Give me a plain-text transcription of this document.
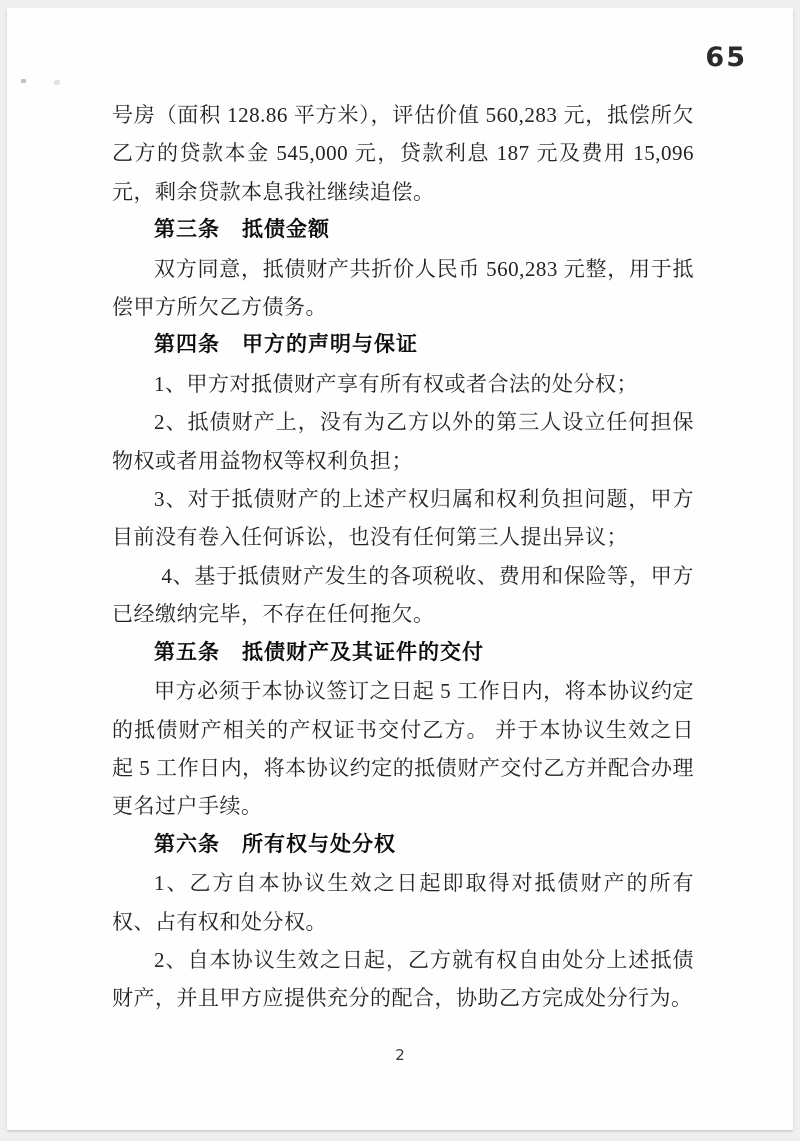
65

号房（面积 128.86 平方米），评估价值 560,283 元，抵偿所欠乙方的贷款本金 545,000 元，贷款利息 187 元及费用 15,096 元，剩余贷款本息我社继续追偿。

第三条　抵债金额

双方同意，抵债财产共折价人民币 560,283 元整，用于抵偿甲方所欠乙方债务。

第四条　甲方的声明与保证

1、甲方对抵债财产享有所有权或者合法的处分权；

2、抵债财产上，没有为乙方以外的第三人设立任何担保物权或者用益物权等权利负担；

3、对于抵债财产的上述产权归属和权利负担问题，甲方目前没有卷入任何诉讼，也没有任何第三人提出异议；

4、基于抵债财产发生的各项税收、费用和保险等，甲方已经缴纳完毕，不存在任何拖欠。

第五条　抵债财产及其证件的交付

甲方必须于本协议签订之日起 5 工作日内，将本协议约定的抵债财产相关的产权证书交付乙方。 并于本协议生效之日起 5 工作日内，将本协议约定的抵债财产交付乙方并配合办理更名过户手续。

第六条　所有权与处分权

1、乙方自本协议生效之日起即取得对抵债财产的所有权、占有权和处分权。

2、自本协议生效之日起，乙方就有权自由处分上述抵债财产，并且甲方应提供充分的配合，协助乙方完成处分行为。

2
